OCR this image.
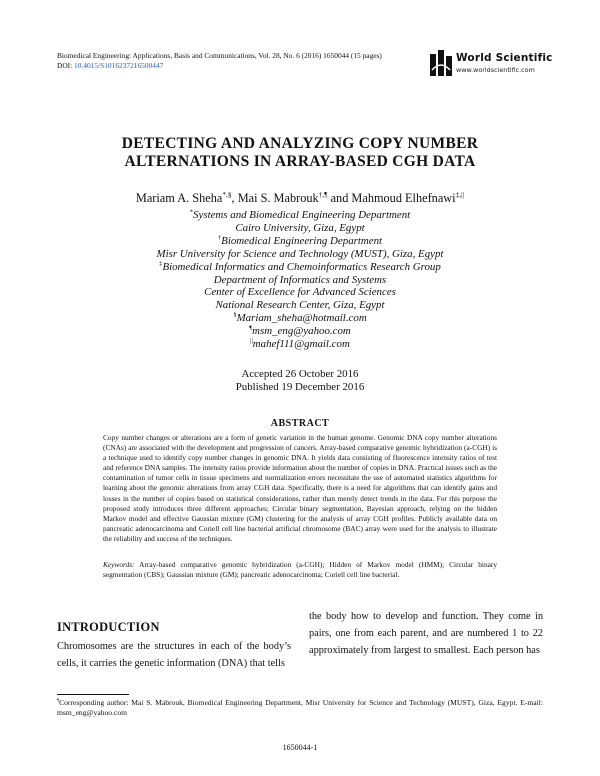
Biomedical Engineering: Applications, Basis and Communications, Vol. 28, No. 6 (2016) 1650044 (15 pages)
DOI: 10.4015/S1016237216500447
World Scientific
www.worldscientific.com
DETECTING AND ANALYZING COPY NUMBER
ALTERNATIONS IN ARRAY-BASED CGH DATA
Mariam A. Sheha*,§, Mai S. Mabrouk†,¶ and Mahmoud Elhefnawi‡,||
*Systems and Biomedical Engineering Department
Cairo University, Giza, Egypt
†Biomedical Engineering Department
Misr University for Science and Technology (MUST), Giza, Egypt
‡Biomedical Informatics and Chemoinformatics Research Group
Department of Informatics and Systems
Center of Excellence for Advanced Sciences
National Research Center, Giza, Egypt
§Mariam_sheha@hotmail.com
¶msm_eng@yahoo.com
||mahef111@gmail.com
Accepted 26 October 2016
Published 19 December 2016
ABSTRACT
Copy number changes or alterations are a form of genetic variation in the human genome. Genomic DNA copy number alterations (CNAs) are associated with the development and progression of cancers. Array-based comparative genomic hybridization (a-CGH) is a technique used to identify copy number changes in genomic DNA. It yields data consisting of fluorescence intensity ratios of test and reference DNA samples. The intensity ratios provide information about the number of copies in DNA. Practical issues such as the contamination of tumor cells in tissue specimens and normalization errors necessitate the use of automated statistics algorithms for learning about the genomic alterations from array CGH data. Specifically, there is a need for algorithms that can identify gains and losses in the number of copies based on statistical considerations, rather than merely detect trends in the data. For this purpose the proposed study introduces three different approaches; Circular binary segmentation, Bayesian approach, relying on the hidden Markov model and effective Gaussian mixture (GM) clustering for the analysis of array CGH profiles. Publicly available data on pancreatic adenocarcinoma and Coriell cell line bacterial artificial chromosome (BAC) array were used for the analysis to illustrate the reliability and success of the techniques.
Keywords: Array-based comparative genomic hybridization (a-CGH); Hidden of Markov model (HMM); Circular binary segmentation (CBS); Gaussian mixture (GM); pancreatic adenocarcinoma; Coriell cell line bacterial.
INTRODUCTION
Chromosomes are the structures in each of the body’s cells, it carries the genetic information (DNA) that tells
the body how to develop and function. They come in pairs, one from each parent, and are numbered 1 to 22 approximately from largest to smallest. Each person has
¶Corresponding author: Mai S. Mabrouk, Biomedical Engineering Department, Misr University for Science and Technology (MUST), Giza, Egypt. E-mail: msm_eng@yahoo.com
1650044-1
